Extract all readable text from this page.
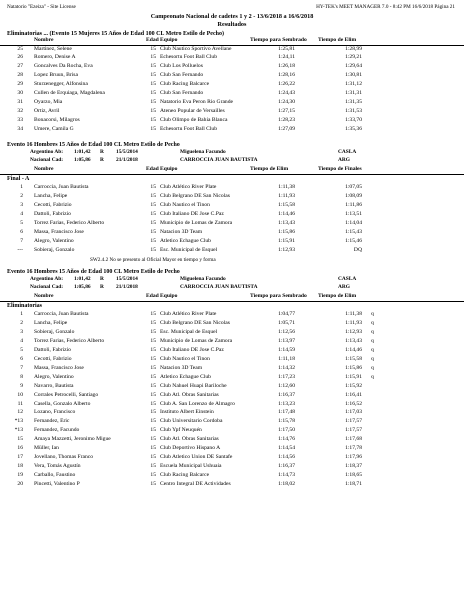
Natatorio "Ezeiza" - Site License	HY-TEK's MEET MANAGER 7.0 - 8:42 PM 16/6/2018 Página 21
Campeonato Nacional de cadetes 1 y 2 - 13/6/2018 a 16/6/2018
Resultados
Eliminatorias ... (Evento 15 Mujeres 15 Años de Edad 100 CL Metro Estilo de Pecho)
Nombre	Edad Equipo	Tiempo para Sembrado Tiempo de Elim
25 Martinez, Selene	15 Club Nautico Sportivo Avellane	1:25,81	1:28,99
26 Romero, Denise A	15 Echesortu Foot Ball Club	1:24,11	1:29,21
27 Goncalves Da Rocha, Eva	15 Club Los Polluelos	1:26,18	1:29,64
28 Lopez Bruun, Brisa	15 Club San Fernando	1:28,16	1:30,81
29 Sturzenegger, Alfonsina	15 Club Racing Balcarce	1:26,22	1:31,12
30 Cullen de Erquiaga, Magdalena	15 Club San Fernando	1:24,43	1:31,31
31 Oyarzo, Mia	15 Natatorio Eva Peron Rio Grande	1:24,30	1:31,35
32 Ortiz, Avril	15 Ateneo Popular de Versailles	1:27,15	1:31,53
33 Bonacorsi, Milagros	15 Club Olimpo de Bahia Blanca	1:28,23	1:33,70
34 Umere, Camila G	15 Echesortu Foot Ball Club	1:27,09	1:35,36
Evento 16 Hombres 15 Años de Edad 100 CL Metro Estilo de Pecho
Argentino Ab: 1:01,42 R 15/5/2014	Miguelena Facundo	CASLA
Nacional Cad: 1:05,86 R 21/1/2018	CARROCCIA JUAN BAUTISTA	ARG
Nombre	Edad Equipo	Tiempo de Elim	Tiempo de Finales
Final - A
1 Carroccia, Juan Bautista	15 Club Atlético River Plate	1:11,38	1:07,05
2 Lancha, Felipe	15 Club Belgrano DE San Nicolas	1:11,93	1:08,09
3 Cecotti, Fabrizio	15 Club Nautico el Tinon	1:15,58	1:11,86
4 Dattoli, Fabrizio	15 Club Italiano DE Jose C.Paz	1:14,46	1:13,51
5 Torrez Farias, Federico Alberto	15 Municipio de Lomas de Zamora	1:13,43	1:14,04
6 Massa, Francisco Jose	15 Natacion 3D Team	1:15,86	1:15,43
7 Alegro, Valentino	15 Atletico Echague Club	1:15,91	1:15,46
--- Sobieraj, Gonzalo	15 Esc. Municipal de Esquel	1:12,93	DQ
SW2.4.2 No se presento al Oficial Mayor en tiempo y forma
Evento 16 Hombres 15 Años de Edad 100 CL Metro Estilo de Pecho
Argentino Ab: 1:01,42 R 15/5/2014	Miguelena Facundo	CASLA
Nacional Cad: 1:05,86 R 21/1/2018	CARROCCIA JUAN BAUTISTA	ARG
Nombre	Edad Equipo	Tiempo para Sembrado Tiempo de Elim
Eliminatorias
1 Carroccia, Juan Bautista	15 Club Atlético River Plate	1:04,77	1:11,38 q
2 Lancha, Felipe	15 Club Belgrano DE San Nicolas	1:05,71	1:11,93 q
3 Sobieraj, Gonzalo	15 Esc. Municipal de Esquel	1:12,56	1:12,93 q
4 Torrez Farias, Federico Alberto	15 Municipio de Lomas de Zamora	1:13,97	1:13,43 q
5 Dattoli, Fabrizio	15 Club Italiano DE Jose C.Paz	1:14,59	1:14,46 q
6 Cecotti, Fabrizio	15 Club Nautico el Tinon	1:11,18	1:15,58 q
7 Massa, Francisco Jose	15 Natacion 3D Team	1:14,32	1:15,86 q
8 Alegro, Valentino	15 Atletico Echague Club	1:17,23	1:15,91 q
9 Navarro, Bautista	15 Club Nahuel Huapi Bariloche	1:12,60	1:15,92
10 Corrales Petrocelli, Santiago	15 Club Atl. Obras Sanitarias	1:16,37	1:16,41
11 Casella, Gonzalo Alberto	15 Club A. San Lorenzo de Almagro	1:13,23	1:16,52
12 Lozano, Francisco	15 Instituto Albert Einstein	1:17,48	1:17,03
*13 Fernandez, Eric	15 Club Universitario Cordoba	1:15,78	1:17,57
*13 Fernandez, Facundo	15 Club Ypf Neuquén	1:17,50	1:17,57
15 Amaya Mazzetti, Jeronimo Migue	15 Club Atl. Obras Sanitarias	1:14,76	1:17,68
16 Müller, Ian	15 Club Deportivo Hispano A	1:14,54	1:17,78
17 Jovellano, Thomas Franco	15 Club Atletico Union DE Santafe	1:14,56	1:17,96
18 Vera, Tomás Agustín	15 Escuela Municipal Ushuaia	1:16,37	1:18,37
19 Carballo, Faustino	15 Club Racing Balcarce	1:14,73	1:18,65
20 Pincetti, Valentino P	15 Centro Integral DE Actividades	1:18,02	1:18,71
